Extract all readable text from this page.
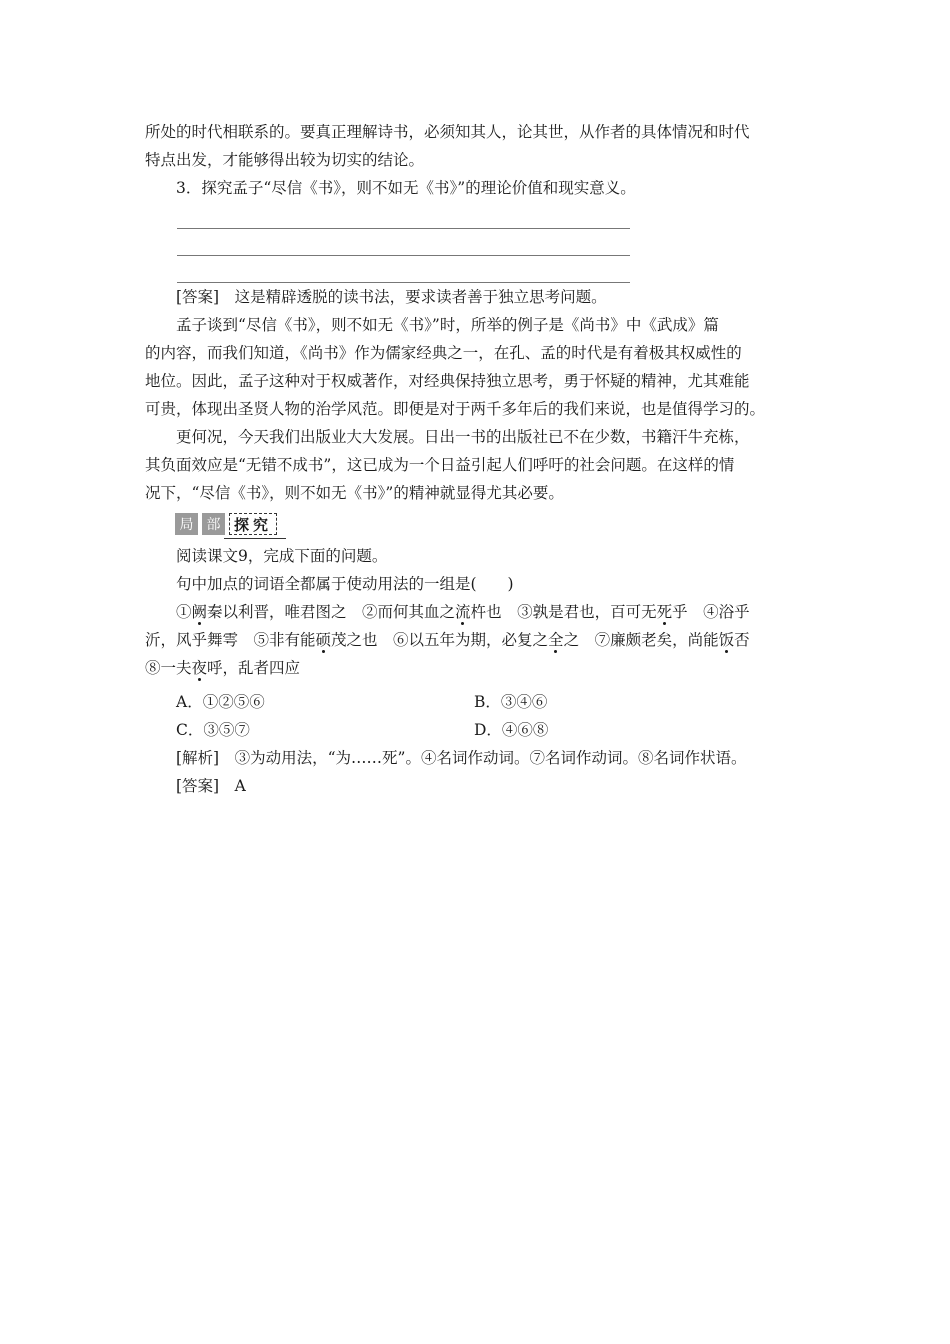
所处的时代相联系的。要真正理解诗书，必须知其人，论其世，从作者的具体情况和时代

特点出发，才能够得出较为切实的结论。

3．探究孟子“尽信《书》，则不如无《书》”的理论价值和现实意义。

[答案]　这是精辟透脱的读书法，要求读者善于独立思考问题。

孟子谈到“尽信《书》，则不如无《书》”时，所举的例子是《尚书》中《武成》篇

的内容，而我们知道，《尚书》作为儒家经典之一，在孔、孟的时代是有着极其权威性的

地位。因此，孟子这种对于权威著作，对经典保持独立思考，勇于怀疑的精神，尤其难能

可贵，体现出圣贤人物的治学风范。即便是对于两千多年后的我们来说，也是值得学习的。

更何况，今天我们出版业大大发展。日出一书的出版社已不在少数，书籍汗牛充栋，

其负面效应是“无错不成书”，这已成为一个日益引起人们呼吁的社会问题。在这样的情

况下，“尽信《书》，则不如无《书》”的精神就显得尤其必要。

局 部 探 究

阅读课文9，完成下面的问题。

句中加点的词语全都属于使动用法的一组是(　　)

①阙秦以利晋，唯君图之　②而何其血之流杵也　③孰是君也，百可无死乎　④浴乎

沂，风乎舞雩　⑤非有能硕茂之也　⑥以五年为期，必复之全之　⑦廉颇老矣，尚能饭否

⑧一夫夜呼，乱者四应

A．①②⑤⑥	B．③④⑥
C．③⑤⑦	D．④⑥⑧

[解析]　③为动用法，“为……死”。④名词作动词。⑦名词作动词。⑧名词作状语。

[答案]　A
